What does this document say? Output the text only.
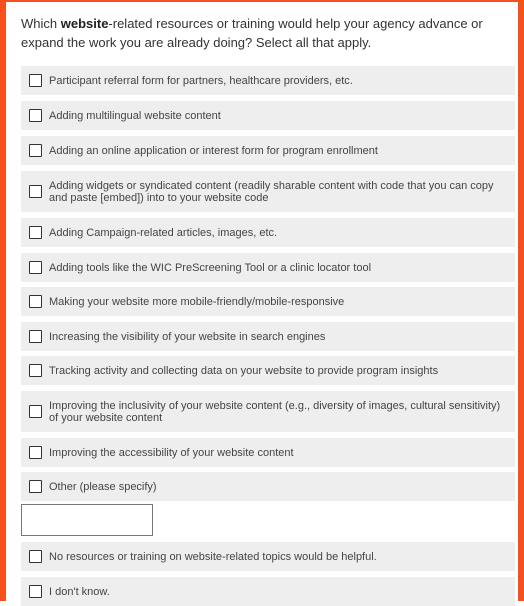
Which website-related resources or training would help your agency advance or expand the work you are already doing? Select all that apply.
Participant referral form for partners, healthcare providers, etc.
Adding multilingual website content
Adding an online application or interest form for program enrollment
Adding widgets or syndicated content (readily sharable content with code that you can copy and paste [embed]) into to your website code
Adding Campaign-related articles, images, etc.
Adding tools like the WIC PreScreening Tool or a clinic locator tool
Making your website more mobile-friendly/mobile-responsive
Increasing the visibility of your website in search engines
Tracking activity and collecting data on your website to provide program insights
Improving the inclusivity of your website content (e.g., diversity of images, cultural sensitivity) of your website content
Improving the accessibility of your website content
Other (please specify)
No resources or training on website-related topics would be helpful.
I don't know.
